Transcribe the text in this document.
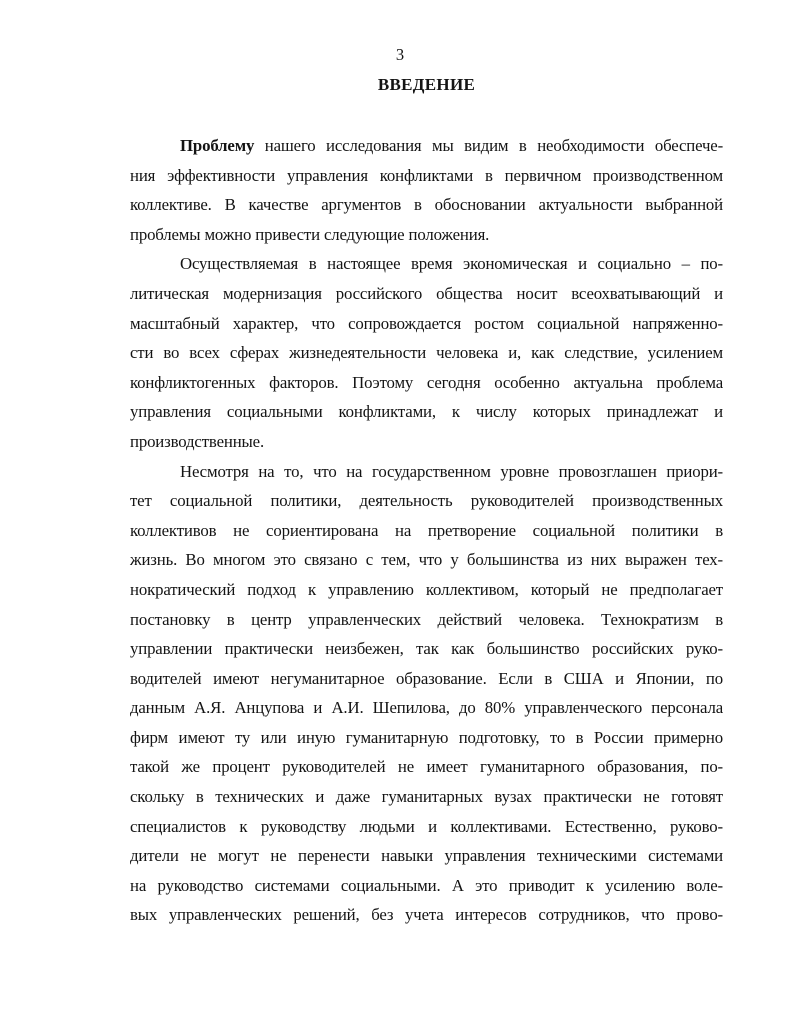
3
ВВЕДЕНИЕ
Проблему нашего исследования мы видим в необходимости обеспече-
ния эффективности управления конфликтами в первичном производственном
коллективе. В качестве аргументов в обосновании актуальности выбранной
проблемы можно привести следующие положения.
Осуществляемая в настоящее время экономическая и социально – по-
литическая модернизация российского общества носит всеохватывающий и
масштабный характер, что сопровождается ростом социальной напряженно-
сти во всех сферах жизнедеятельности человека и, как следствие, усилением
конфликтогенных факторов. Поэтому сегодня особенно актуальна проблема
управления социальными конфликтами, к числу которых принадлежат и
производственные.
Несмотря на то, что на государственном уровне провозглашен приори-
тет социальной политики, деятельность руководителей производственных
коллективов не сориентирована на претворение социальной политики в
жизнь. Во многом это связано с тем, что у большинства из них выражен тех-
нократический подход к управлению коллективом, который не предполагает
постановку в центр управленческих действий человека. Технократизм в
управлении практически неизбежен, так как большинство российских руко-
водителей имеют негуманитарное образование. Если в США и Японии, по
данным А.Я. Анцупова и А.И. Шепилова, до 80% управленческого персонала
фирм имеют ту или иную гуманитарную подготовку, то в России примерно
такой же процент руководителей не имеет гуманитарного образования, по-
скольку в технических и даже гуманитарных вузах практически не готовят
специалистов к руководству людьми и коллективами. Естественно, руково-
дители не могут не перенести навыки управления техническими системами
на руководство системами социальными. А это приводит к усилению воле-
вых управленческих решений, без учета интересов сотрудников, что прово-
